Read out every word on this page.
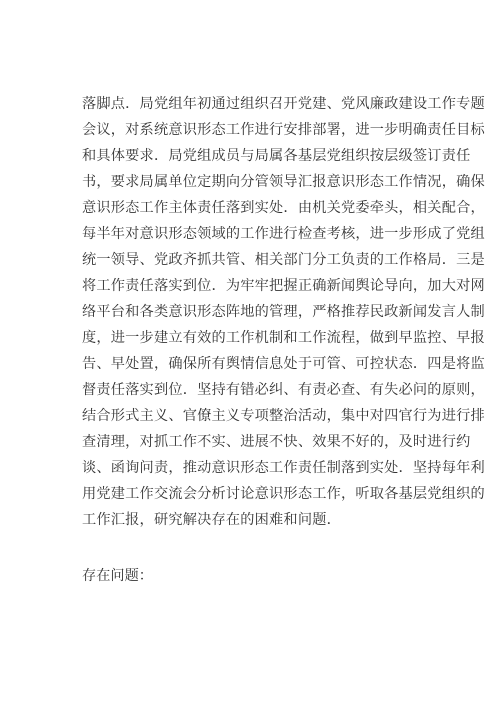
落脚点．局党组年初通过组织召开党建、党风廉政建设工作专题
会议，对系统意识形态工作进行安排部署，进一步明确责任目标
和具体要求．局党组成员与局属各基层党组织按层级签订责任
书，要求局属单位定期向分管领导汇报意识形态工作情况，确保
意识形态工作主体责任落到实处．由机关党委牵头，相关配合，
每半年对意识形态领域的工作进行检查考核，进一步形成了党组
统一领导、党政齐抓共管、相关部门分工负责的工作格局．三是
将工作责任落实到位．为牢牢把握正确新闻舆论导向，加大对网
络平台和各类意识形态阵地的管理，严格推荐民政新闻发言人制
度，进一步建立有效的工作机制和工作流程，做到早监控、早报
告、早处置，确保所有舆情信息处于可管、可控状态．四是将监
督责任落实到位．坚持有错必纠、有责必查、有失必问的原则，
结合形式主义、官僚主义专项整治活动，集中对四官行为进行排
查清理，对抓工作不实、进展不快、效果不好的，及时进行约
谈、函询问责，推动意识形态工作责任制落到实处．坚持每年利
用党建工作交流会分析讨论意识形态工作，听取各基层党组织的
工作汇报，研究解决存在的困难和问题．
存在问题：
